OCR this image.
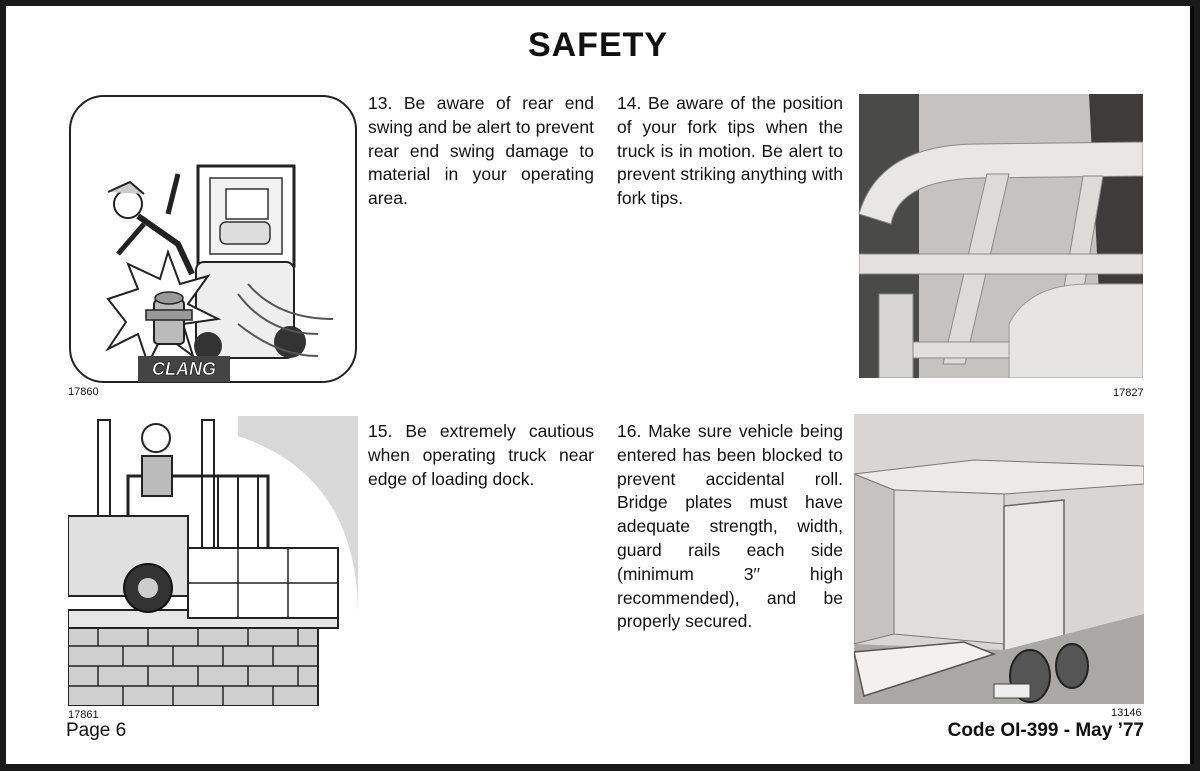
SAFETY
CLANG
17860
13. Be aware of rear end swing and be alert to prevent rear end swing damage to material in your operating area.
14. Be aware of the position of your fork tips when the truck is in motion. Be alert to prevent striking anything with fork tips.
17827
17861
15. Be extremely cautious when operating truck near edge of loading dock.
16. Make sure vehicle being entered has been blocked to prevent accidental roll. Bridge plates must have adequate strength, width, guard rails each side (minimum 3′′ high recommended), and be properly secured.
13146
Page 6	Code OI-399 - May ’77
